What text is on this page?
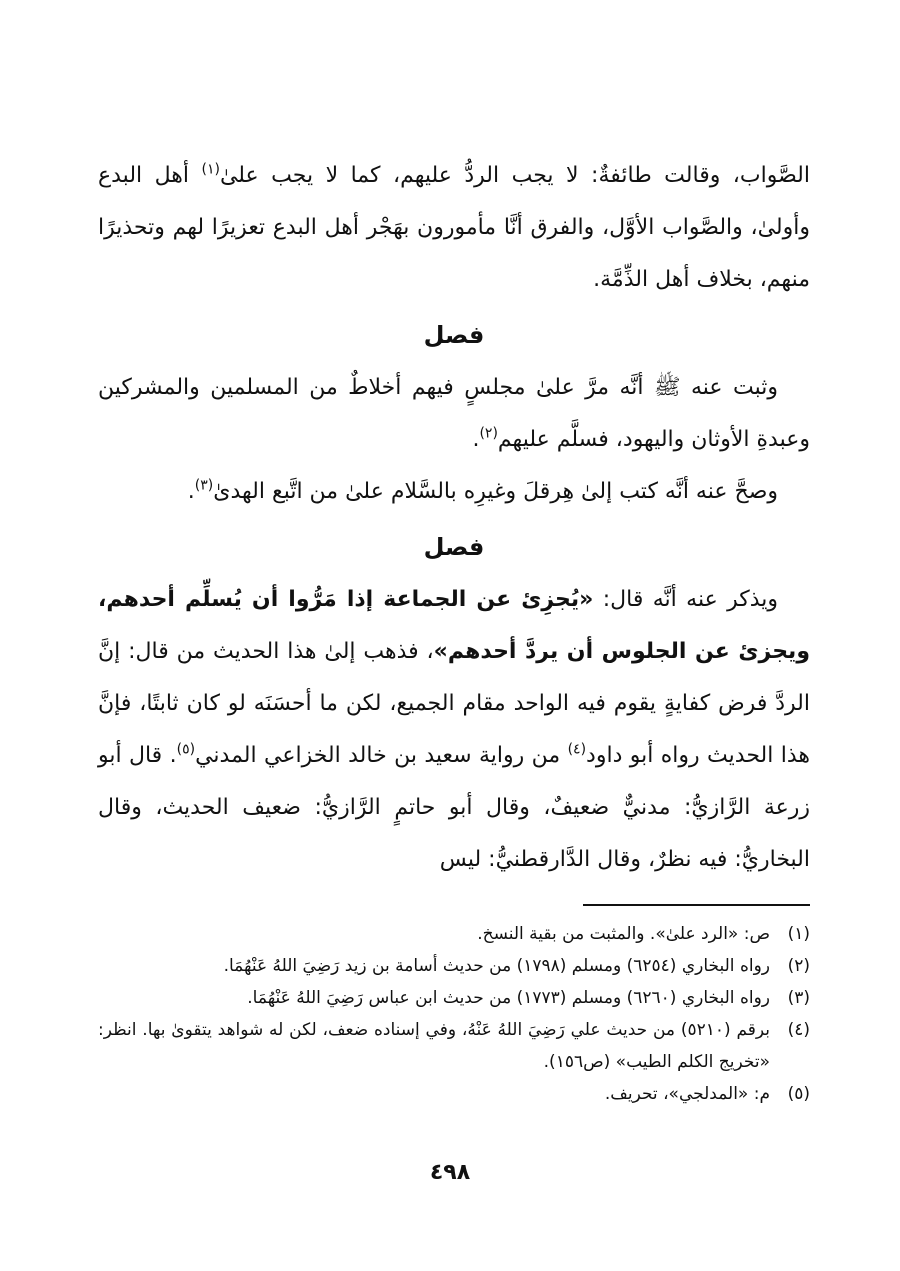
الصَّواب، وقالت طائفةٌ: لا يجب الردُّ عليهم، كما لا يجب علىٰ$^{(١)}$ أهل البدع وأولىٰ، والصَّواب الأوَّل، والفرق أنَّا مأمورون بهَجْر أهل البدع تعزيرًا لهم وتحذيرًا منهم، بخلاف أهل الذِّمَّة.

فصل

وثبت عنه ﷺ أنَّه مرَّ علىٰ مجلسٍ فيهم أخلاطٌ من المسلمين والمشركين وعبدةِ الأوثان واليهود، فسلَّم عليهم$^{(٢)}$.

وصحَّ عنه أنَّه كتب إلىٰ هِرقلَ وغيرِه بالسَّلام علىٰ من اتَّبع الهدىٰ$^{(٣)}$.

فصل

ويذكر عنه أنَّه قال: «يُجزِئ عن الجماعة إذا مَرُّوا أن يُسلِّم أحدهم، ويجزئ عن الجلوس أن يردَّ أحدهم»، فذهب إلىٰ هذا الحديث من قال: إنَّ الردَّ فرض كفايةٍ يقوم فيه الواحد مقام الجميع، لكن ما أحسَنَه لو كان ثابتًا، فإنَّ هذا الحديث رواه أبو داود$^{(٤)}$ من رواية سعيد بن خالد الخزاعي المدني$^{(٥)}$. قال أبو زرعة الرَّازيُّ: مدنيٌّ ضعيفٌ، وقال أبو حاتمٍ الرَّازيُّ: ضعيف الحديث، وقال البخاريُّ: فيه نظرٌ، وقال الدَّارقطنيُّ: ليس

(١)
ص: «الرد علىٰ». والمثبت من بقية النسخ.
(٢)
رواه البخاري (٦٢٥٤) ومسلم (١٧٩٨) من حديث أسامة بن زيد رَضِيَ اللهُ عَنْهُمَا.
(٣)
رواه البخاري (٦٢٦٠) ومسلم (١٧٧٣) من حديث ابن عباس رَضِيَ اللهُ عَنْهُمَا.
(٤)
برقم (٥٢١٠) من حديث علي رَضِيَ اللهُ عَنْهُ، وفي إسناده ضعف، لكن له شواهد يتقوىٰ بها. انظر: «تخريج الكلم الطيب» (ص١٥٦).
(٥)
م: «المدلجي»، تحريف.
٤٩٨
